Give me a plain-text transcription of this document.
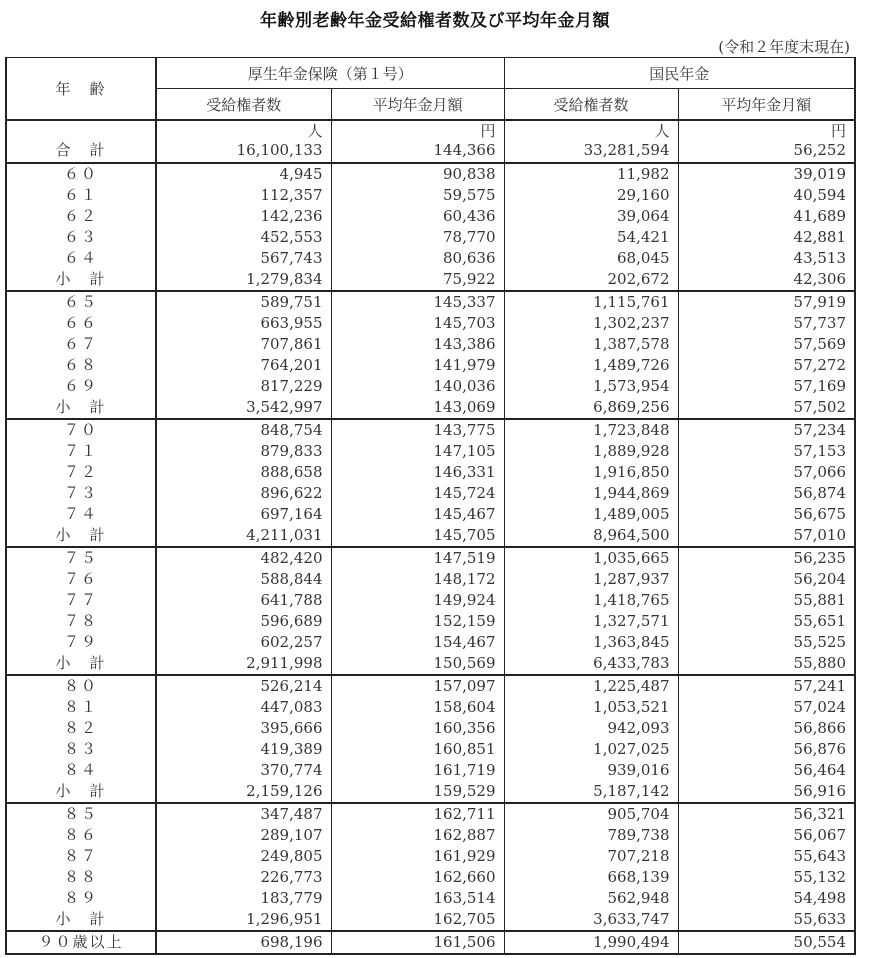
年齢別老齢年金受給権者数及び平均年金月額
(令和２年度末現在)
年　齢	厚生年金保険（第１号）		国民年金	
	受給権者数	平均年金月額	受給権者数	平均年金月額
	人	円	人	円
合　計	16,100,133	144,366	33,281,594	56,252
６０	4,945	90,838	11,982	39,019
６１	112,357	59,575	29,160	40,594
６２	142,236	60,436	39,064	41,689
６３	452,553	78,770	54,421	42,881
６４	567,743	80,636	68,045	43,513
小　計	1,279,834	75,922	202,672	42,306
６５	589,751	145,337	1,115,761	57,919
６６	663,955	145,703	1,302,237	57,737
６７	707,861	143,386	1,387,578	57,569
６８	764,201	141,979	1,489,726	57,272
６９	817,229	140,036	1,573,954	57,169
小　計	3,542,997	143,069	6,869,256	57,502
７０	848,754	143,775	1,723,848	57,234
７１	879,833	147,105	1,889,928	57,153
７２	888,658	146,331	1,916,850	57,066
７３	896,622	145,724	1,944,869	56,874
７４	697,164	145,467	1,489,005	56,675
小　計	4,211,031	145,705	8,964,500	57,010
７５	482,420	147,519	1,035,665	56,235
７６	588,844	148,172	1,287,937	56,204
７７	641,788	149,924	1,418,765	55,881
７８	596,689	152,159	1,327,571	55,651
７９	602,257	154,467	1,363,845	55,525
小　計	2,911,998	150,569	6,433,783	55,880
８０	526,214	157,097	1,225,487	57,241
８１	447,083	158,604	1,053,521	57,024
８２	395,666	160,356	942,093	56,866
８３	419,389	160,851	1,027,025	56,876
８４	370,774	161,719	939,016	56,464
小　計	2,159,126	159,529	5,187,142	56,916
８５	347,487	162,711	905,704	56,321
８６	289,107	162,887	789,738	56,067
８７	249,805	161,929	707,218	55,643
８８	226,773	162,660	668,139	55,132
８９	183,779	163,514	562,948	54,498
小　計	1,296,951	162,705	3,633,747	55,633
９０歳以上	698,196	161,506	1,990,494	50,554
